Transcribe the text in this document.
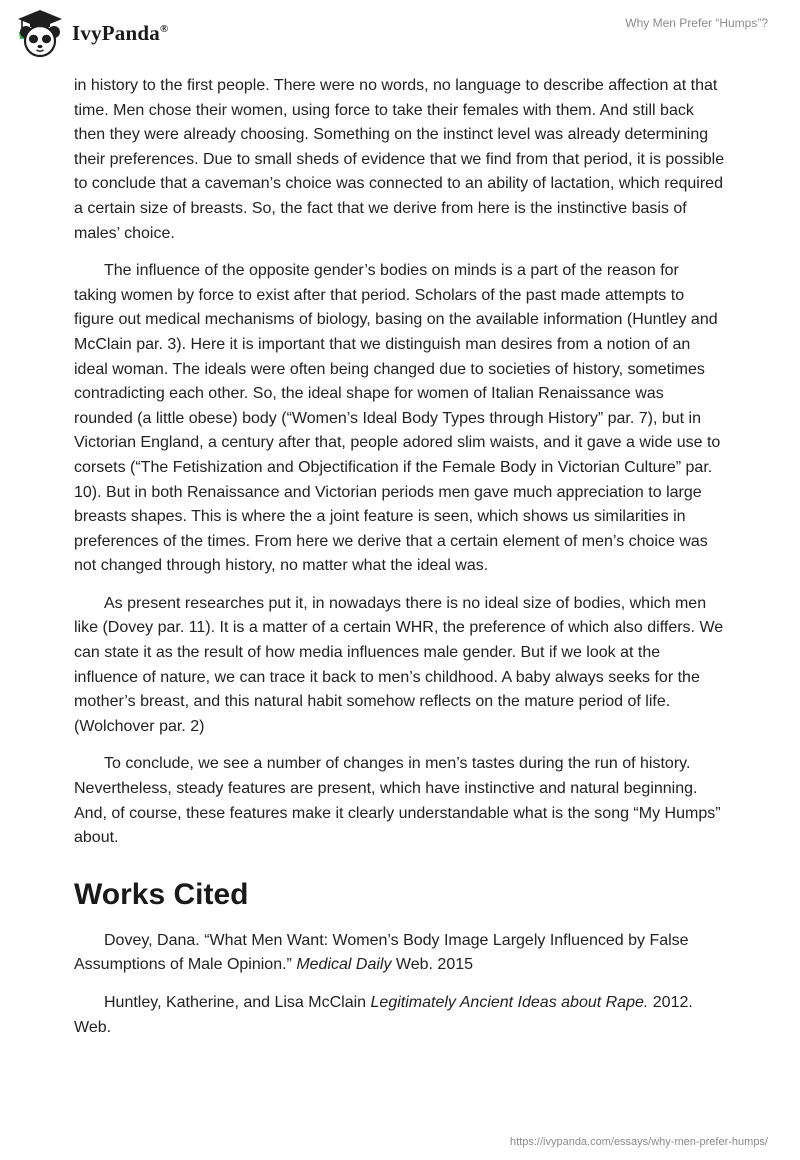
IvyPanda®	Why Men Prefer “Humps”?

in history to the first people. There were no words, no language to describe affection at that time. Men chose their women, using force to take their females with them. And still back then they were already choosing. Something on the instinct level was already determining their preferences. Due to small sheds of evidence that we find from that period, it is possible to conclude that a caveman’s choice was connected to an ability of lactation, which required a certain size of breasts. So, the fact that we derive from here is the instinctive basis of males’ choice.

The influence of the opposite gender’s bodies on minds is a part of the reason for taking women by force to exist after that period. Scholars of the past made attempts to figure out medical mechanisms of biology, basing on the available information (Huntley and McClain par. 3). Here it is important that we distinguish man desires from a notion of an ideal woman. The ideals were often being changed due to societies of history, sometimes contradicting each other. So, the ideal shape for women of Italian Renaissance was rounded (a little obese) body (“Women’s Ideal Body Types through History” par. 7), but in Victorian England, a century after that, people adored slim waists, and it gave a wide use to corsets (“The Fetishization and Objectification if the Female Body in Victorian Culture” par. 10). But in both Renaissance and Victorian periods men gave much appreciation to large breasts shapes. This is where the a joint feature is seen, which shows us similarities in preferences of the times. From here we derive that a certain element of men’s choice was not changed through history, no matter what the ideal was.

As present researches put it, in nowadays there is no ideal size of bodies, which men like (Dovey par. 11). It is a matter of a certain WHR, the preference of which also differs. We can state it as the result of how media influences male gender. But if we look at the influence of nature, we can trace it back to men’s childhood. A baby always seeks for the mother’s breast, and this natural habit somehow reflects on the mature period of life. (Wolchover par. 2)

To conclude, we see a number of changes in men’s tastes during the run of history. Nevertheless, steady features are present, which have instinctive and natural beginning. And, of course, these features make it clearly understandable what is the song “My Humps” about.

Works Cited

Dovey, Dana. “What Men Want: Women’s Body Image Largely Influenced by False Assumptions of Male Opinion.” Medical Daily Web. 2015

Huntley, Katherine, and Lisa McClain Legitimately Ancient Ideas about Rape. 2012. Web.

https://ivypanda.com/essays/why-men-prefer-humps/
